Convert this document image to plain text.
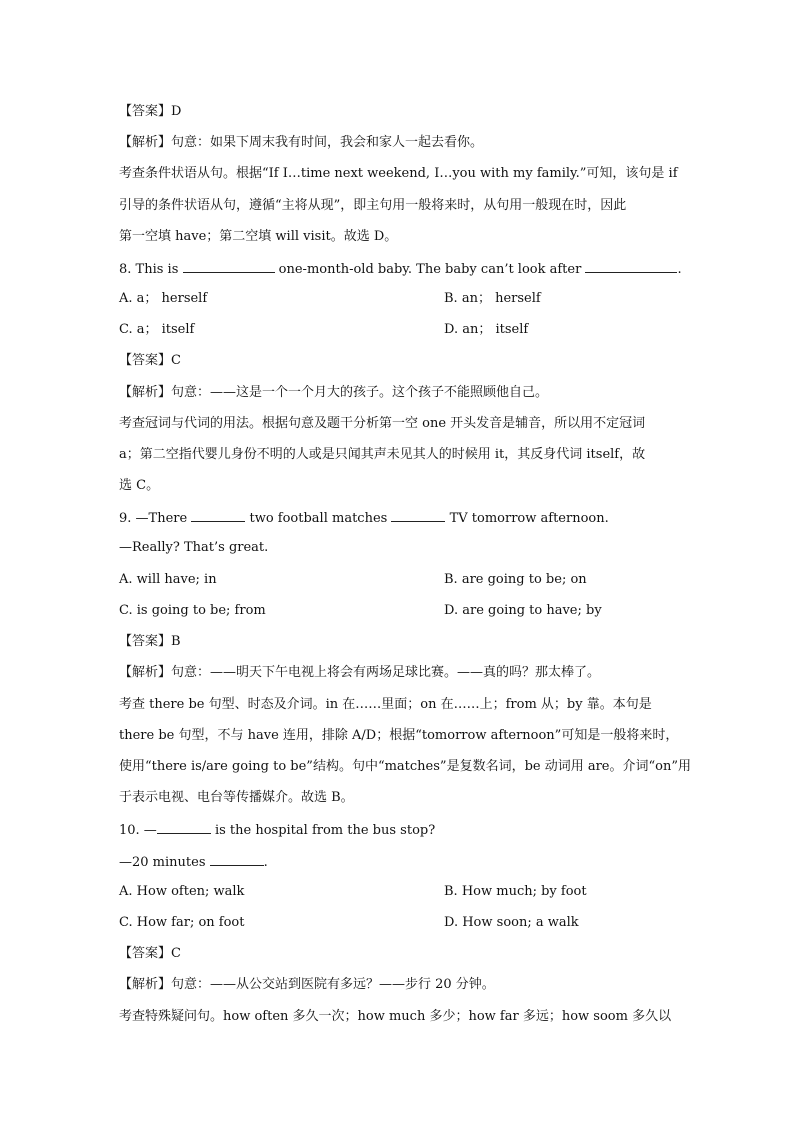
【答案】D
【解析】句意：如果下周末我有时间，我会和家人一起去看你。
考查条件状语从句。根据“If I…time next weekend, I…you with my family.”可知，该句是 if
引导的条件状语从句，遵循“主将从现”，即主句用一般将来时，从句用一般现在时，因此
第一空填 have；第二空填 will visit。故选 D。
8. This is	one-month-old baby. The baby can’t look after	.
A. a； herself	B. an； herself
C. a； itself	D. an； itself
【答案】C
【解析】句意：——这是一个一个月大的孩子。这个孩子不能照顾他自己。
考查冠词与代词的用法。根据句意及题干分析第一空 one 开头发音是辅音，所以用不定冠词
a；第二空指代婴儿身份不明的人或是只闻其声未见其人的时候用 it，其反身代词 itself，故
选 C。
9. —There	two football matches	TV tomorrow afternoon.
—Really? That’s great.
A. will have; in	B. are going to be; on
C. is going to be; from	D. are going to have; by
【答案】B
【解析】句意：——明天下午电视上将会有两场足球比赛。——真的吗？那太棒了。
考查 there be 句型、时态及介词。in 在……里面；on 在……上；from 从；by 靠。本句是
there be 句型，不与 have 连用，排除 A/D；根据“tomorrow afternoon”可知是一般将来时，
使用“there is/are going to be”结构。句中“matches”是复数名词，be 动词用 are。介词“on”用
于表示电视、电台等传播媒介。故选 B。
10. —	is the hospital from the bus stop?
—20 minutes	.
A. How often; walk	B. How much; by foot
C. How far; on foot	D. How soon; a walk
【答案】C
【解析】句意：——从公交站到医院有多远？——步行 20 分钟。
考查特殊疑问句。how often 多久一次；how much 多少；how far 多远；how soom 多久以
